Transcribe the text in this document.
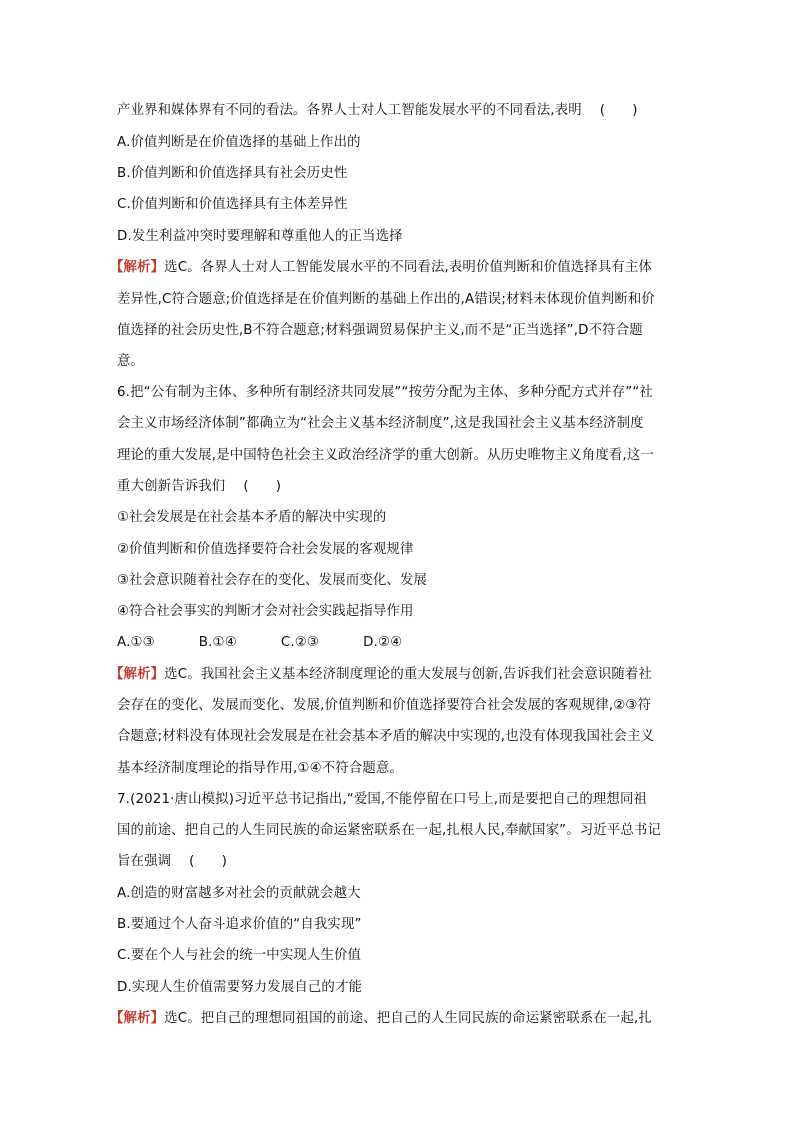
产业界和媒体界有不同的看法。各界人士对人工智能发展水平的不同看法,表明 (　　)
A.价值判断是在价值选择的基础上作出的
B.价值判断和价值选择具有社会历史性
C.价值判断和价值选择具有主体差异性
D.发生利益冲突时要理解和尊重他人的正当选择
【解析】选C。各界人士对人工智能发展水平的不同看法,表明价值判断和价值选择具有主体
差异性,C符合题意;价值选择是在价值判断的基础上作出的,A错误;材料未体现价值判断和价
值选择的社会历史性,B不符合题意;材料强调贸易保护主义,而不是“正当选择”,D不符合题
意。
6.把“公有制为主体、多种所有制经济共同发展”“按劳分配为主体、多种分配方式并存”“社
会主义市场经济体制”都确立为“社会主义基本经济制度”,这是我国社会主义基本经济制度
理论的重大发展,是中国特色社会主义政治经济学的重大创新。从历史唯物主义角度看,这一
重大创新告诉我们 (　　)
①社会发展是在社会基本矛盾的解决中实现的
②价值判断和价值选择要符合社会发展的客观规律
③社会意识随着社会存在的变化、发展而变化、发展
④符合社会事实的判断才会对社会实践起指导作用
A.①③	B.①④	C.②③	D.②④
【解析】选C。我国社会主义基本经济制度理论的重大发展与创新,告诉我们社会意识随着社
会存在的变化、发展而变化、发展,价值判断和价值选择要符合社会发展的客观规律,②③符
合题意;材料没有体现社会发展是在社会基本矛盾的解决中实现的,也没有体现我国社会主义
基本经济制度理论的指导作用,①④不符合题意。
7.(2021·唐山模拟)习近平总书记指出,“爱国,不能停留在口号上,而是要把自己的理想同祖
国的前途、把自己的人生同民族的命运紧密联系在一起,扎根人民,奉献国家”。习近平总书记
旨在强调 (　　)
A.创造的财富越多对社会的贡献就会越大
B.要通过个人奋斗追求价值的“自我实现”
C.要在个人与社会的统一中实现人生价值
D.实现人生价值需要努力发展自己的才能
【解析】选C。把自己的理想同祖国的前途、把自己的人生同民族的命运紧密联系在一起,扎
